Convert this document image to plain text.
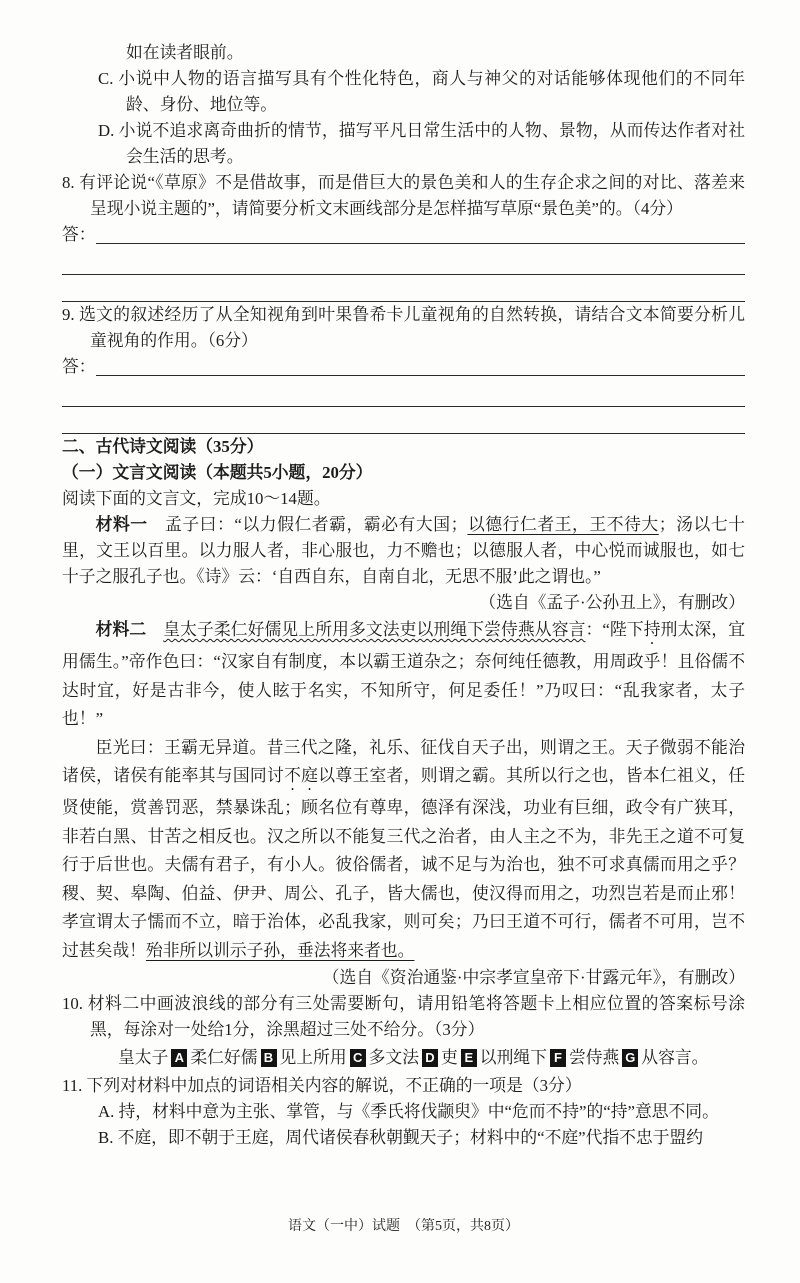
如在读者眼前。
C. 小说中人物的语言描写具有个性化特色，商人与神父的对话能够体现他们的不同年龄、身份、地位等。
D. 小说不追求离奇曲折的情节，描写平凡日常生活中的人物、景物，从而传达作者对社会生活的思考。
8. 有评论说“《草原》不是借故事，而是借巨大的景色美和人的生存企求之间的对比、落差来呈现小说主题的”，请简要分析文末画线部分是怎样描写草原“景色美”的。（4分）
答：
9. 选文的叙述经历了从全知视角到叶果鲁希卡儿童视角的自然转换，请结合文本简要分析儿童视角的作用。（6分）
答：
二、古代诗文阅读（35分）
（一）文言文阅读（本题共5小题，20分）
阅读下面的文言文，完成10～14题。
材料一　孟子曰：“以力假仁者霸，霸必有大国；以德行仁者王，王不待大；汤以七十里，文王以百里。以力服人者，非心服也，力不赡也；以德服人者，中心悦而诚服也，如七十子之服孔子也。《诗》云：‘自西自东，自南自北，无思不服’此之谓也。”
（选自《孟子·公孙丑上》，有删改）
材料二　 皇太子柔仁好儒见上所用多文法吏以刑绳下尝侍燕从容言：“陛下持刑太深，宜用儒生。”帝作色曰：“汉家自有制度，本以霸王道杂之；奈何纯任德教，用周政乎！且俗儒不达时宜，好是古非今，使人眩于名实，不知所守，何足委任！”乃叹曰：“乱我家者，太子也！”
臣光曰：王霸无异道。昔三代之隆，礼乐、征伐自天子出，则谓之王。天子微弱不能治诸侯，诸侯有能率其与国同讨不庭以尊王室者，则谓之霸。其所以行之也，皆本仁祖义，任贤使能，赏善罚恶，禁暴诛乱；顾名位有尊卑，德泽有深浅，功业有巨细，政令有广狭耳，非若白黑、甘苦之相反也。汉之所以不能复三代之治者，由人主之不为，非先王之道不可复行于后世也。夫儒有君子，有小人。彼俗儒者，诚不足与为治也，独不可求真儒而用之乎？稷、契、皋陶、伯益、伊尹、周公、孔子，皆大儒也，使汉得而用之，功烈岂若是而止邪！孝宣谓太子懦而不立，暗于治体，必乱我家，则可矣；乃曰王道不可行，儒者不可用，岂不过甚矣哉！殆非所以训示子孙，垂法将来者也。
（选自《资治通鉴·中宗孝宣皇帝下·甘露元年》，有删改）
10. 材料二中画波浪线的部分有三处需要断句，请用铅笔将答题卡上相应位置的答案标号涂黑，每涂对一处给1分，涂黑超过三处不给分。（3分）
皇太子 A 柔仁好儒 B 见上所用 C 多文法 D 吏 E 以刑绳下 F 尝侍燕 G 从容言。
11. 下列对材料中加点的词语相关内容的解说，不正确的一项是（3分）
A. 持，材料中意为主张、掌管，与《季氏将伐颛臾》中“危而不持”的“持”意思不同。
B. 不庭，即不朝于王庭，周代诸侯春秋朝觐天子；材料中的“不庭”代指不忠于盟约
语文（一中）试题　（第5页，共8页）
